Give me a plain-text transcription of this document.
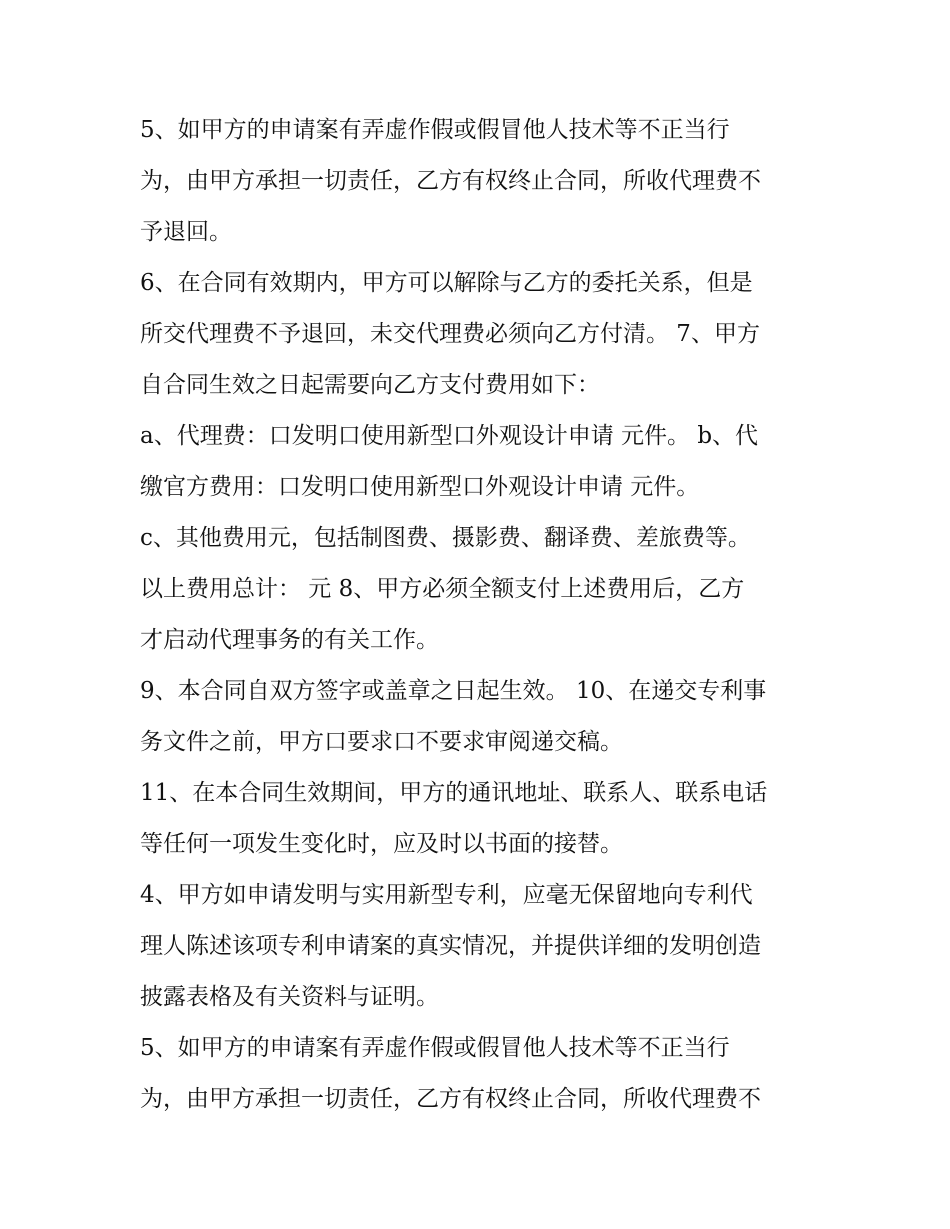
5、如甲方的申请案有弄虚作假或假冒他人技术等不正当行
为，由甲方承担一切责任，乙方有权终止合同，所收代理费不
予退回。
6、在合同有效期内，甲方可以解除与乙方的委托关系，但是
所交代理费不予退回，未交代理费必须向乙方付清。 7、甲方
自合同生效之日起需要向乙方支付费用如下：
a、代理费：口发明口使用新型口外观设计申请 元件。 b、代
缴官方费用：口发明口使用新型口外观设计申请 元件。
c、其他费用元，包括制图费、摄影费、翻译费、差旅费等。
以上费用总计： 元 8、甲方必须全额支付上述费用后，乙方
才启动代理事务的有关工作。
9、本合同自双方签字或盖章之日起生效。 10、在递交专利事
务文件之前，甲方口要求口不要求审阅递交稿。
11、在本合同生效期间，甲方的通讯地址、联系人、联系电话
等任何一项发生变化时，应及时以书面的接替。
4、甲方如申请发明与实用新型专利，应毫无保留地向专利代
理人陈述该项专利申请案的真实情况，并提供详细的发明创造
披露表格及有关资料与证明。
5、如甲方的申请案有弄虚作假或假冒他人技术等不正当行
为，由甲方承担一切责任，乙方有权终止合同，所收代理费不
